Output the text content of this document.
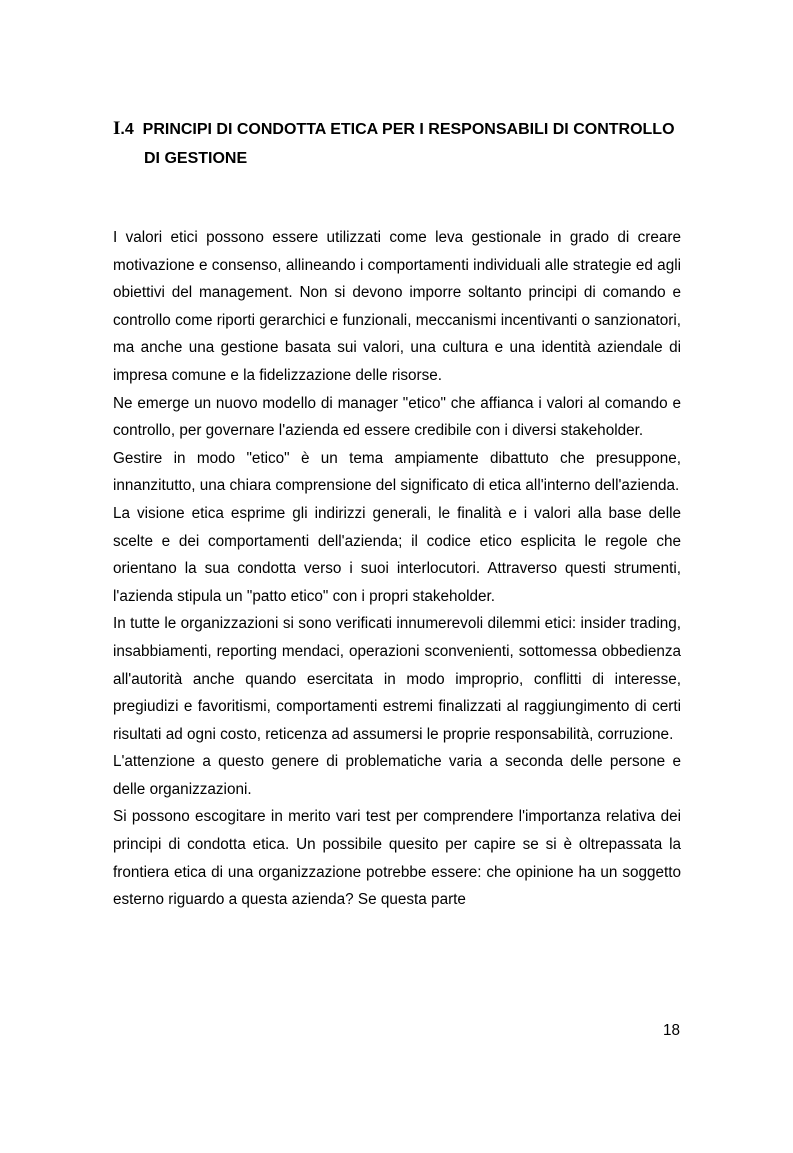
I.4 PRINCIPI DI CONDOTTA ETICA PER I RESPONSABILI DI CONTROLLO
DI GESTIONE

I valori etici possono essere utilizzati come leva gestionale in grado di creare motivazione e consenso, allineando i comportamenti individuali alle strategie ed agli obiettivi del management. Non si devono imporre soltanto principi di comando e controllo come riporti gerarchici e funzionali, meccanismi incentivanti o sanzionatori, ma anche una gestione basata sui valori, una cultura e una identità aziendale di impresa comune e la fidelizzazione delle risorse.

Ne emerge un nuovo modello di manager "etico" che affianca i valori al comando e controllo, per governare l'azienda ed essere credibile con i diversi stakeholder.

Gestire in modo "etico" è un tema ampiamente dibattuto che presuppone, innanzitutto, una chiara comprensione del significato di etica all'interno dell'azienda.

La visione etica esprime gli indirizzi generali, le finalità e i valori alla base delle scelte e dei comportamenti dell'azienda; il codice etico esplicita le regole che orientano la sua condotta verso i suoi interlocutori. Attraverso questi strumenti, l'azienda stipula un "patto etico" con i propri stakeholder.

In tutte le organizzazioni si sono verificati innumerevoli dilemmi etici: insider trading, insabbiamenti, reporting mendaci, operazioni sconvenienti, sottomessa obbedienza all'autorità anche quando esercitata in modo improprio, conflitti di interesse, pregiudizi e favoritismi, comportamenti estremi finalizzati al raggiungimento di certi risultati ad ogni costo, reticenza ad assumersi le proprie responsabilità, corruzione.

L'attenzione a questo genere di problematiche varia a seconda delle persone e delle organizzazioni.

Si possono escogitare in merito vari test per comprendere l'importanza relativa dei principi di condotta etica. Un possibile quesito per capire se si è oltrepassata la frontiera etica di una organizzazione potrebbe essere: che opinione ha un soggetto esterno riguardo a questa azienda? Se questa parte

18
